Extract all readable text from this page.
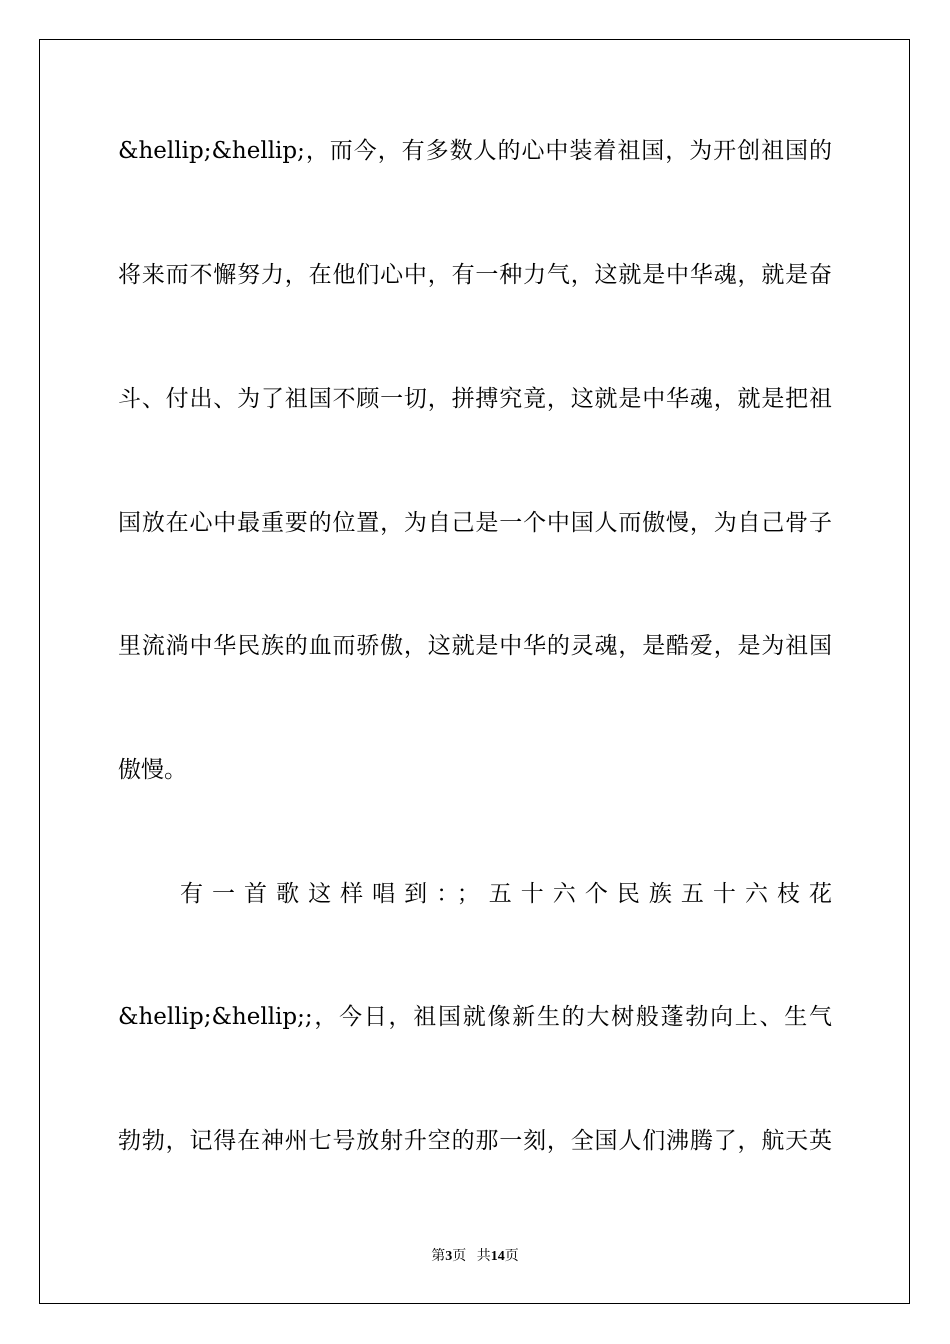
&hellip;&hellip;，而今，有多数人的心中装着祖国，为开创祖国的
将来而不懈努力，在他们心中，有一种力气，这就是中华魂，就是奋
斗、付出、为了祖国不顾一切，拼搏究竟，这就是中华魂，就是把祖
国放在心中最重要的位置，为自己是一个中国人而傲慢，为自己骨子
里流淌中华民族的血而骄傲，这就是中华的灵魂，是酷爱，是为祖国
傲慢。
有一首歌这样唱到：；五十六个民族五十六枝花
&hellip;&hellip;;，今日，祖国就像新生的大树般蓬勃向上、生气
勃勃，记得在神州七号放射升空的那一刻，全国人们沸腾了，航天英
第3页 共14页
